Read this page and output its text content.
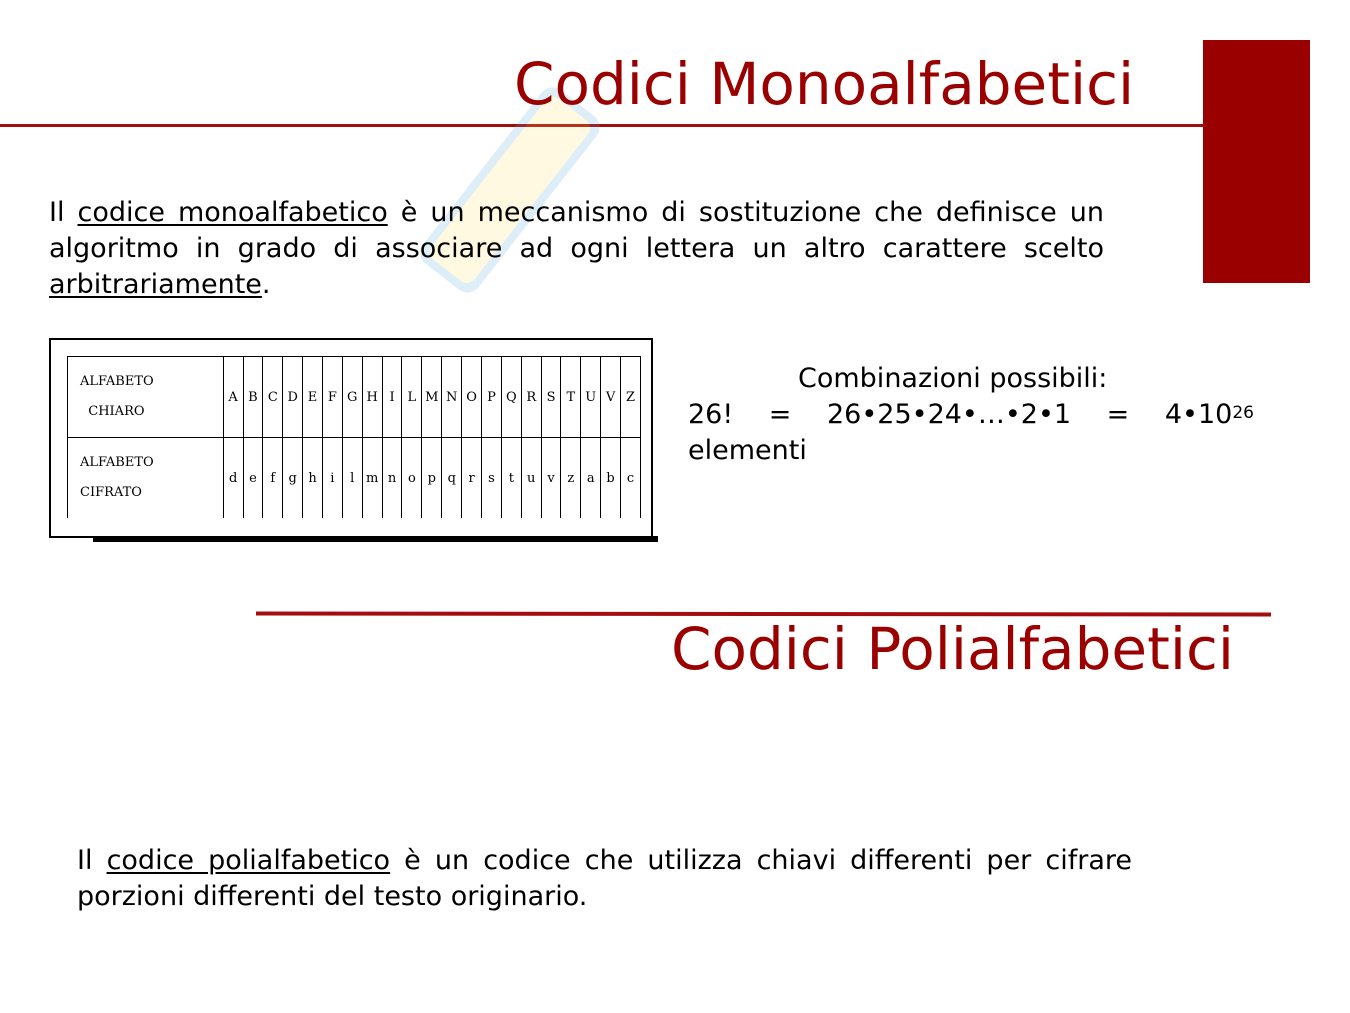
Codici Monoalfabetici
Il codice monoalfabetico è un meccanismo di sostituzione che definisce un algoritmo in grado di associare ad ogni lettera un altro carattere scelto arbitrariamente.
ALFABETO
CHIARO	A	B	C	D	E	F	G	H	I	L	M	N	O	P	Q	R	S	T	U	V	Z
ALFABETO
CIFRATO	d	e	f	g	h	i	l	m	n	o	p	q	r	s	t	u	v	z	a	b	c
Combinazioni possibili:
26! = 26•25•24•…•2•1 = $4•10^{26}$
elementi
Codici Polialfabetici
Il codice polialfabetico è un codice che utilizza chiavi differenti per cifrare porzioni differenti del testo originario.
